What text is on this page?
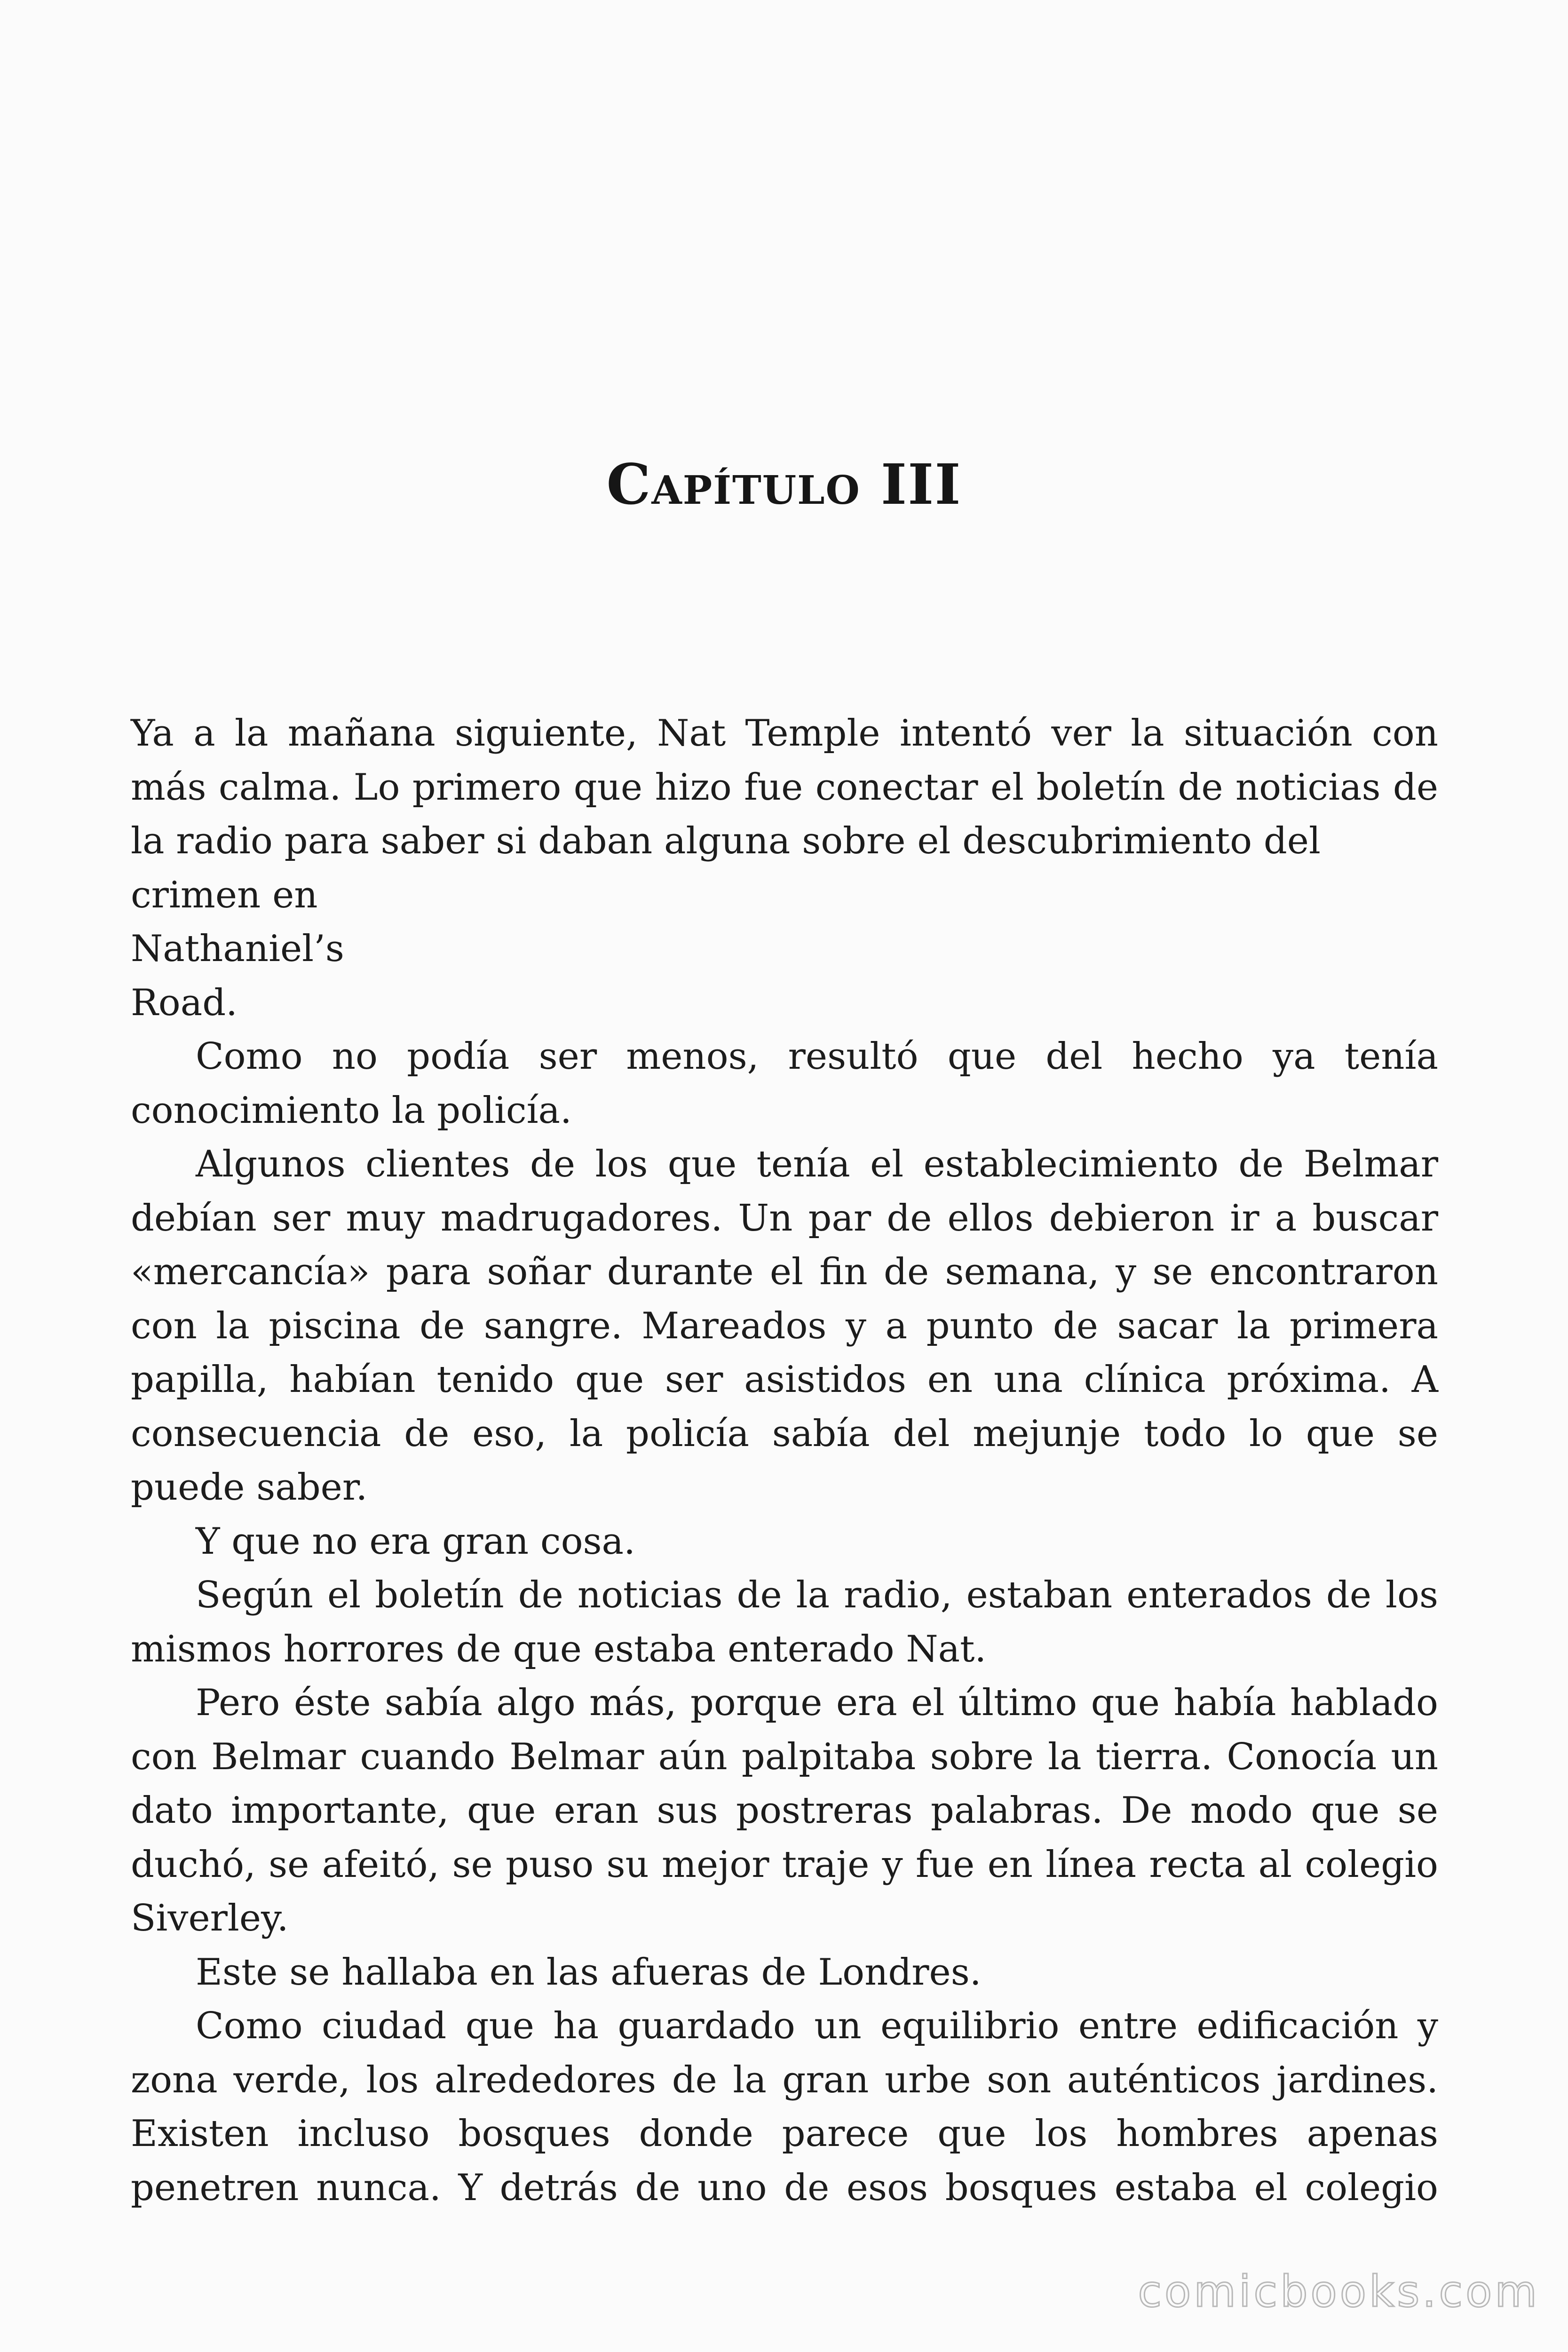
Capítulo III

Ya a la mañana siguiente, Nat Temple intentó ver la situación con más calma. Lo primero que hizo fue conectar el boletín de noticias de la radio para saber si daban alguna sobre el descubrimiento del

crimen en
Nathaniel’s
Road.

Como no podía ser menos, resultó que del hecho ya tenía conocimiento la policía.

Algunos clientes de los que tenía el establecimiento de Belmar debían ser muy madrugadores. Un par de ellos debieron ir a buscar «mercancía» para soñar durante el fin de semana, y se encontraron con la piscina de sangre. Mareados y a punto de sacar la primera papilla, habían tenido que ser asistidos en una clínica próxima. A consecuencia de eso, la policía sabía del mejunje todo lo que se puede saber.

Y que no era gran cosa.

Según el boletín de noticias de la radio, estaban enterados de los mismos horrores de que estaba enterado Nat.

Pero éste sabía algo más, porque era el último que había hablado con Belmar cuando Belmar aún palpitaba sobre la tierra. Conocía un dato importante, que eran sus postreras palabras. De modo que se duchó, se afeitó, se puso su mejor traje y fue en línea recta al colegio Siverley.

Este se hallaba en las afueras de Londres.

Como ciudad que ha guardado un equilibrio entre edificación y zona verde, los alrededores de la gran urbe son auténticos jardines. Existen incluso bosques donde parece que los hombres apenas penetren nunca. Y detrás de uno de esos bosques estaba el colegio

comicbooks.com
